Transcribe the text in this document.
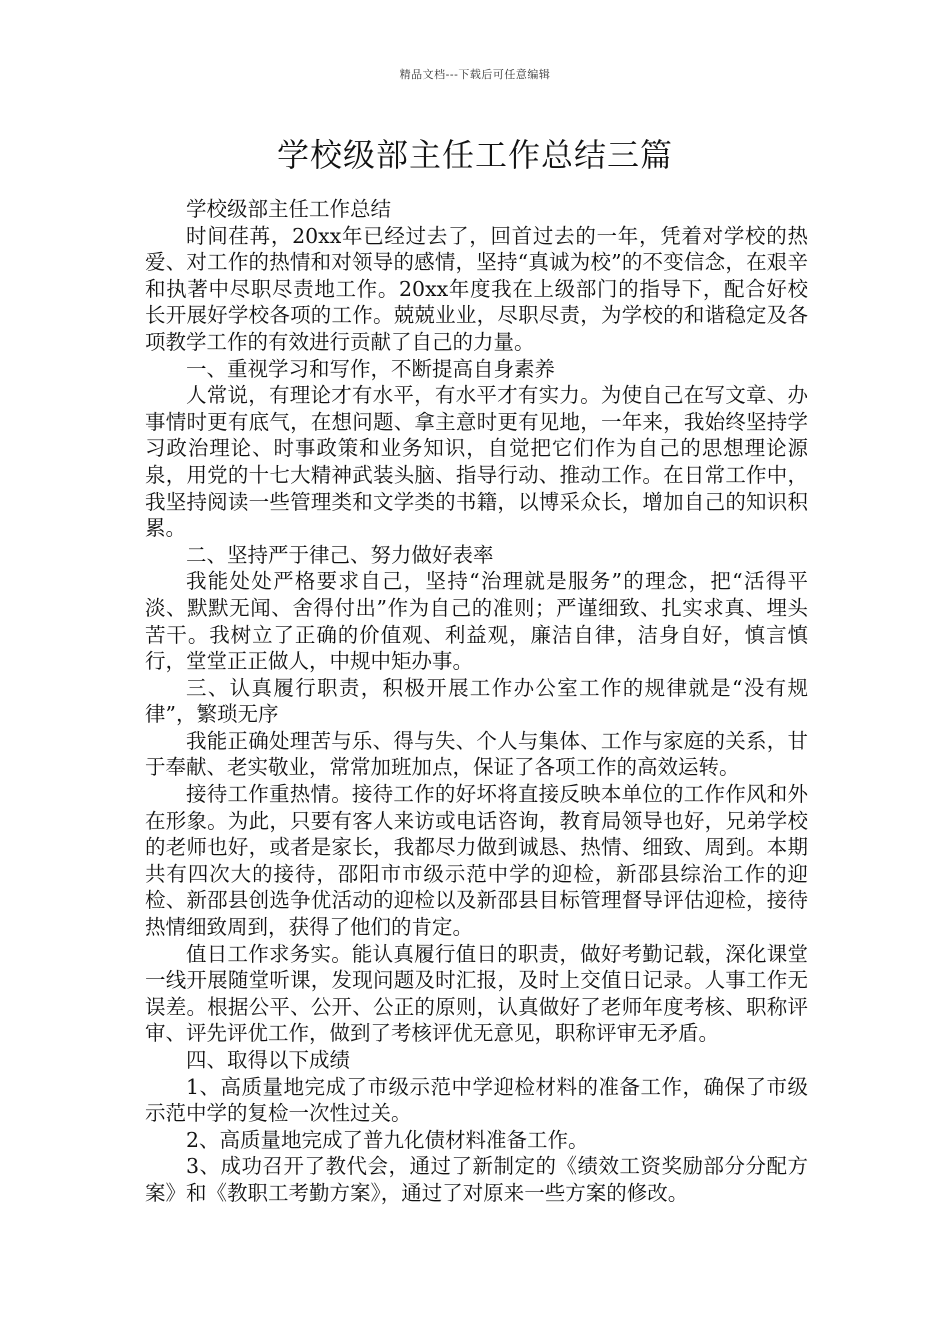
精品文档---下载后可任意编辑
学校级部主任工作总结三篇

学校级部主任工作总结

时间荏苒，20xx年已经过去了，回首过去的一年，凭着对学校的热爱、对工作的热情和对领导的感情，坚持“真诚为校”的不变信念，在艰辛和执著中尽职尽责地工作。20xx年度我在上级部门的指导下，配合好校长开展好学校各项的工作。兢兢业业，尽职尽责，为学校的和谐稳定及各项教学工作的有效进行贡献了自己的力量。

一、重视学习和写作，不断提高自身素养

人常说，有理论才有水平，有水平才有实力。为使自己在写文章、办事情时更有底气，在想问题、拿主意时更有见地，一年来，我始终坚持学习政治理论、时事政策和业务知识，自觉把它们作为自己的思想理论源泉，用党的十七大精神武装头脑、指导行动、推动工作。在日常工作中，我坚持阅读一些管理类和文学类的书籍，以博采众长，增加自己的知识积累。

二、坚持严于律己、努力做好表率

我能处处严格要求自己，坚持“治理就是服务”的理念，把“活得平淡、默默无闻、舍得付出”作为自己的准则；严谨细致、扎实求真、埋头苦干。我树立了正确的价值观、利益观，廉洁自律，洁身自好，慎言慎行，堂堂正正做人，中规中矩办事。

三、认真履行职责，积极开展工作办公室工作的规律就是“没有规律”，繁琐无序

我能正确处理苦与乐、得与失、个人与集体、工作与家庭的关系，甘于奉献、老实敬业，常常加班加点，保证了各项工作的高效运转。

接待工作重热情。接待工作的好坏将直接反映本单位的工作作风和外在形象。为此，只要有客人来访或电话咨询，教育局领导也好，兄弟学校的老师也好，或者是家长，我都尽力做到诚恳、热情、细致、周到。本期共有四次大的接待，邵阳市市级示范中学的迎检，新邵县综治工作的迎检、新邵县创选争优活动的迎检以及新邵县目标管理督导评估迎检，接待热情细致周到，获得了他们的肯定。

值日工作求务实。能认真履行值日的职责，做好考勤记载，深化课堂一线开展随堂听课，发现问题及时汇报，及时上交值日记录。人事工作无误差。根据公平、公开、公正的原则，认真做好了老师年度考核、职称评审、评先评优工作，做到了考核评优无意见，职称评审无矛盾。

四、取得以下成绩

1、高质量地完成了市级示范中学迎检材料的准备工作，确保了市级示范中学的复检一次性过关。

2、高质量地完成了普九化债材料准备工作。

3、成功召开了教代会，通过了新制定的《绩效工资奖励部分分配方案》和《教职工考勤方案》，通过了对原来一些方案的修改。
